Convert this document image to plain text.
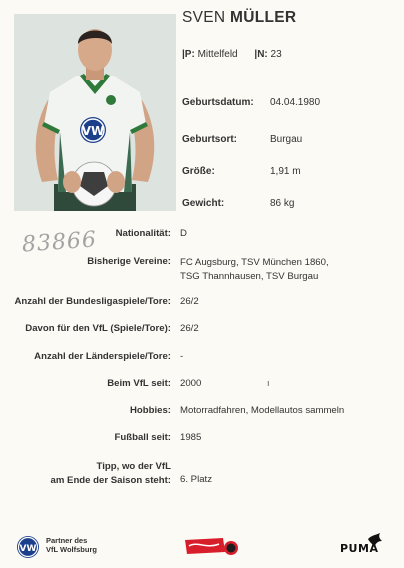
VW
SVEN MÜLLER
|P: Mittelfeld |N: 23
Geburtsdatum: 04.04.1980
Geburtsort:	Burgau
Größe:	1,91 m
Gewicht:	86 kg
83866 Nationalität: D
Bisherige Vereine: FC Augsburg, TSV München 1860,
TSG Thannhausen, TSV Burgau
Anzahl der Bundesligaspiele/Tore: 26/2
Davon für den VfL (Spiele/Tore): 26/2
Anzahl der Länderspiele/Tore: -
Beim VfL seit: 2000	ı
Hobbies: Motorradfahren, Modellautos sammeln
Fußball seit: 1985
Tipp, wo der VfL
am Ende der Saison steht: 6. Platz
VW
Partner des
VfL Wolfsburg	PUMA
